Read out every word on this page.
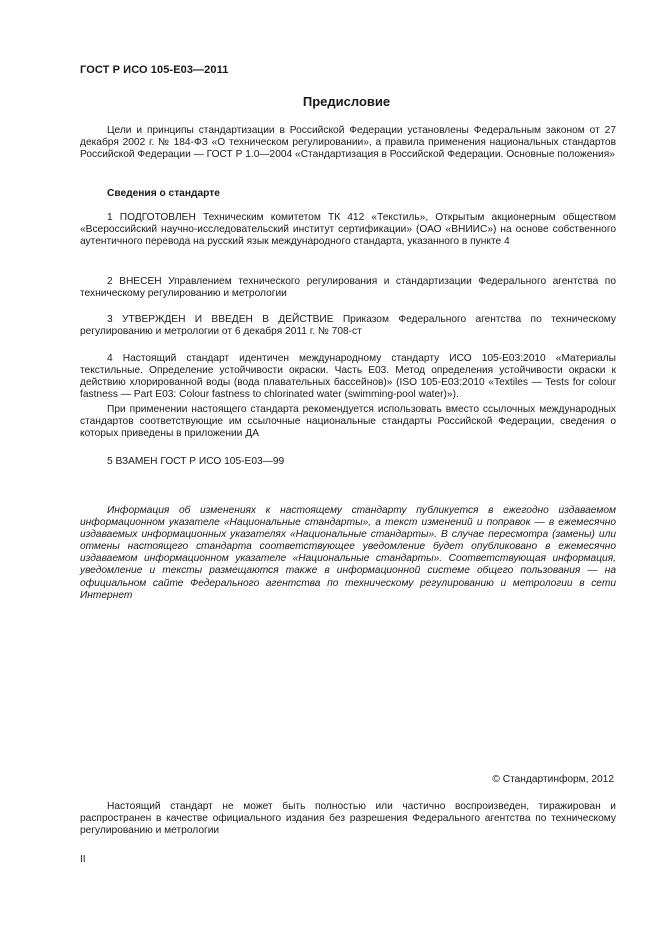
ГОСТ Р ИСО 105-E03—2011
Предисловие
Цели и принципы стандартизации в Российской Федерации установлены Федеральным законом от 27 декабря 2002 г. № 184-ФЗ «О техническом регулировании», а правила применения национальных стандартов Российской Федерации — ГОСТ Р 1.0—2004 «Стандартизация в Российской Федерации. Основные положения»
Сведения о стандарте
1 ПОДГОТОВЛЕН Техническим комитетом ТК 412 «Текстиль», Открытым акционерным обществом «Всероссийский научно-исследовательский институт сертификации» (ОАО «ВНИИС») на основе собственного аутентичного перевода на русский язык международного стандарта, указанного в пункте 4
2 ВНЕСЕН Управлением технического регулирования и стандартизации Федерального агентства по техническому регулированию и метрологии
3 УТВЕРЖДЕН И ВВЕДЕН В ДЕЙСТВИЕ Приказом Федерального агентства по техническому регулированию и метрологии от 6 декабря 2011 г. № 708-ст
4 Настоящий стандарт идентичен международному стандарту ИСО 105-E03:2010 «Материалы текстильные. Определение устойчивости окраски. Часть E03. Метод определения устойчивости окраски к действию хлорированной воды (вода плавательных бассейнов)» (ISO 105-E03:2010 «Textiles — Tests for colour fastness — Part E03: Colour fastness to chlorinated water (swimming-pool water)»).
При применении настоящего стандарта рекомендуется использовать вместо ссылочных международных стандартов соответствующие им ссылочные национальные стандарты Российской Федерации, сведения о которых приведены в приложении ДА
5 ВЗАМЕН ГОСТ Р ИСО 105-E03—99
Информация об изменениях к настоящему стандарту публикуется в ежегодно издаваемом информационном указателе «Национальные стандарты», а текст изменений и поправок — в ежемесячно издаваемых информационных указателях «Национальные стандарты». В случае пересмотра (замены) или отмены настоящего стандарта соответствующее уведомление будет опубликовано в ежемесячно издаваемом информационном указателе «Национальные стандарты». Соответствующая информация, уведомление и тексты размещаются также в информационной системе общего пользования — на официальном сайте Федерального агентства по техническому регулированию и метрологии в сети Интернет
© Стандартинформ, 2012
Настоящий стандарт не может быть полностью или частично воспроизведен, тиражирован и распространен в качестве официального издания без разрешения Федерального агентства по техническому регулированию и метрологии
II
